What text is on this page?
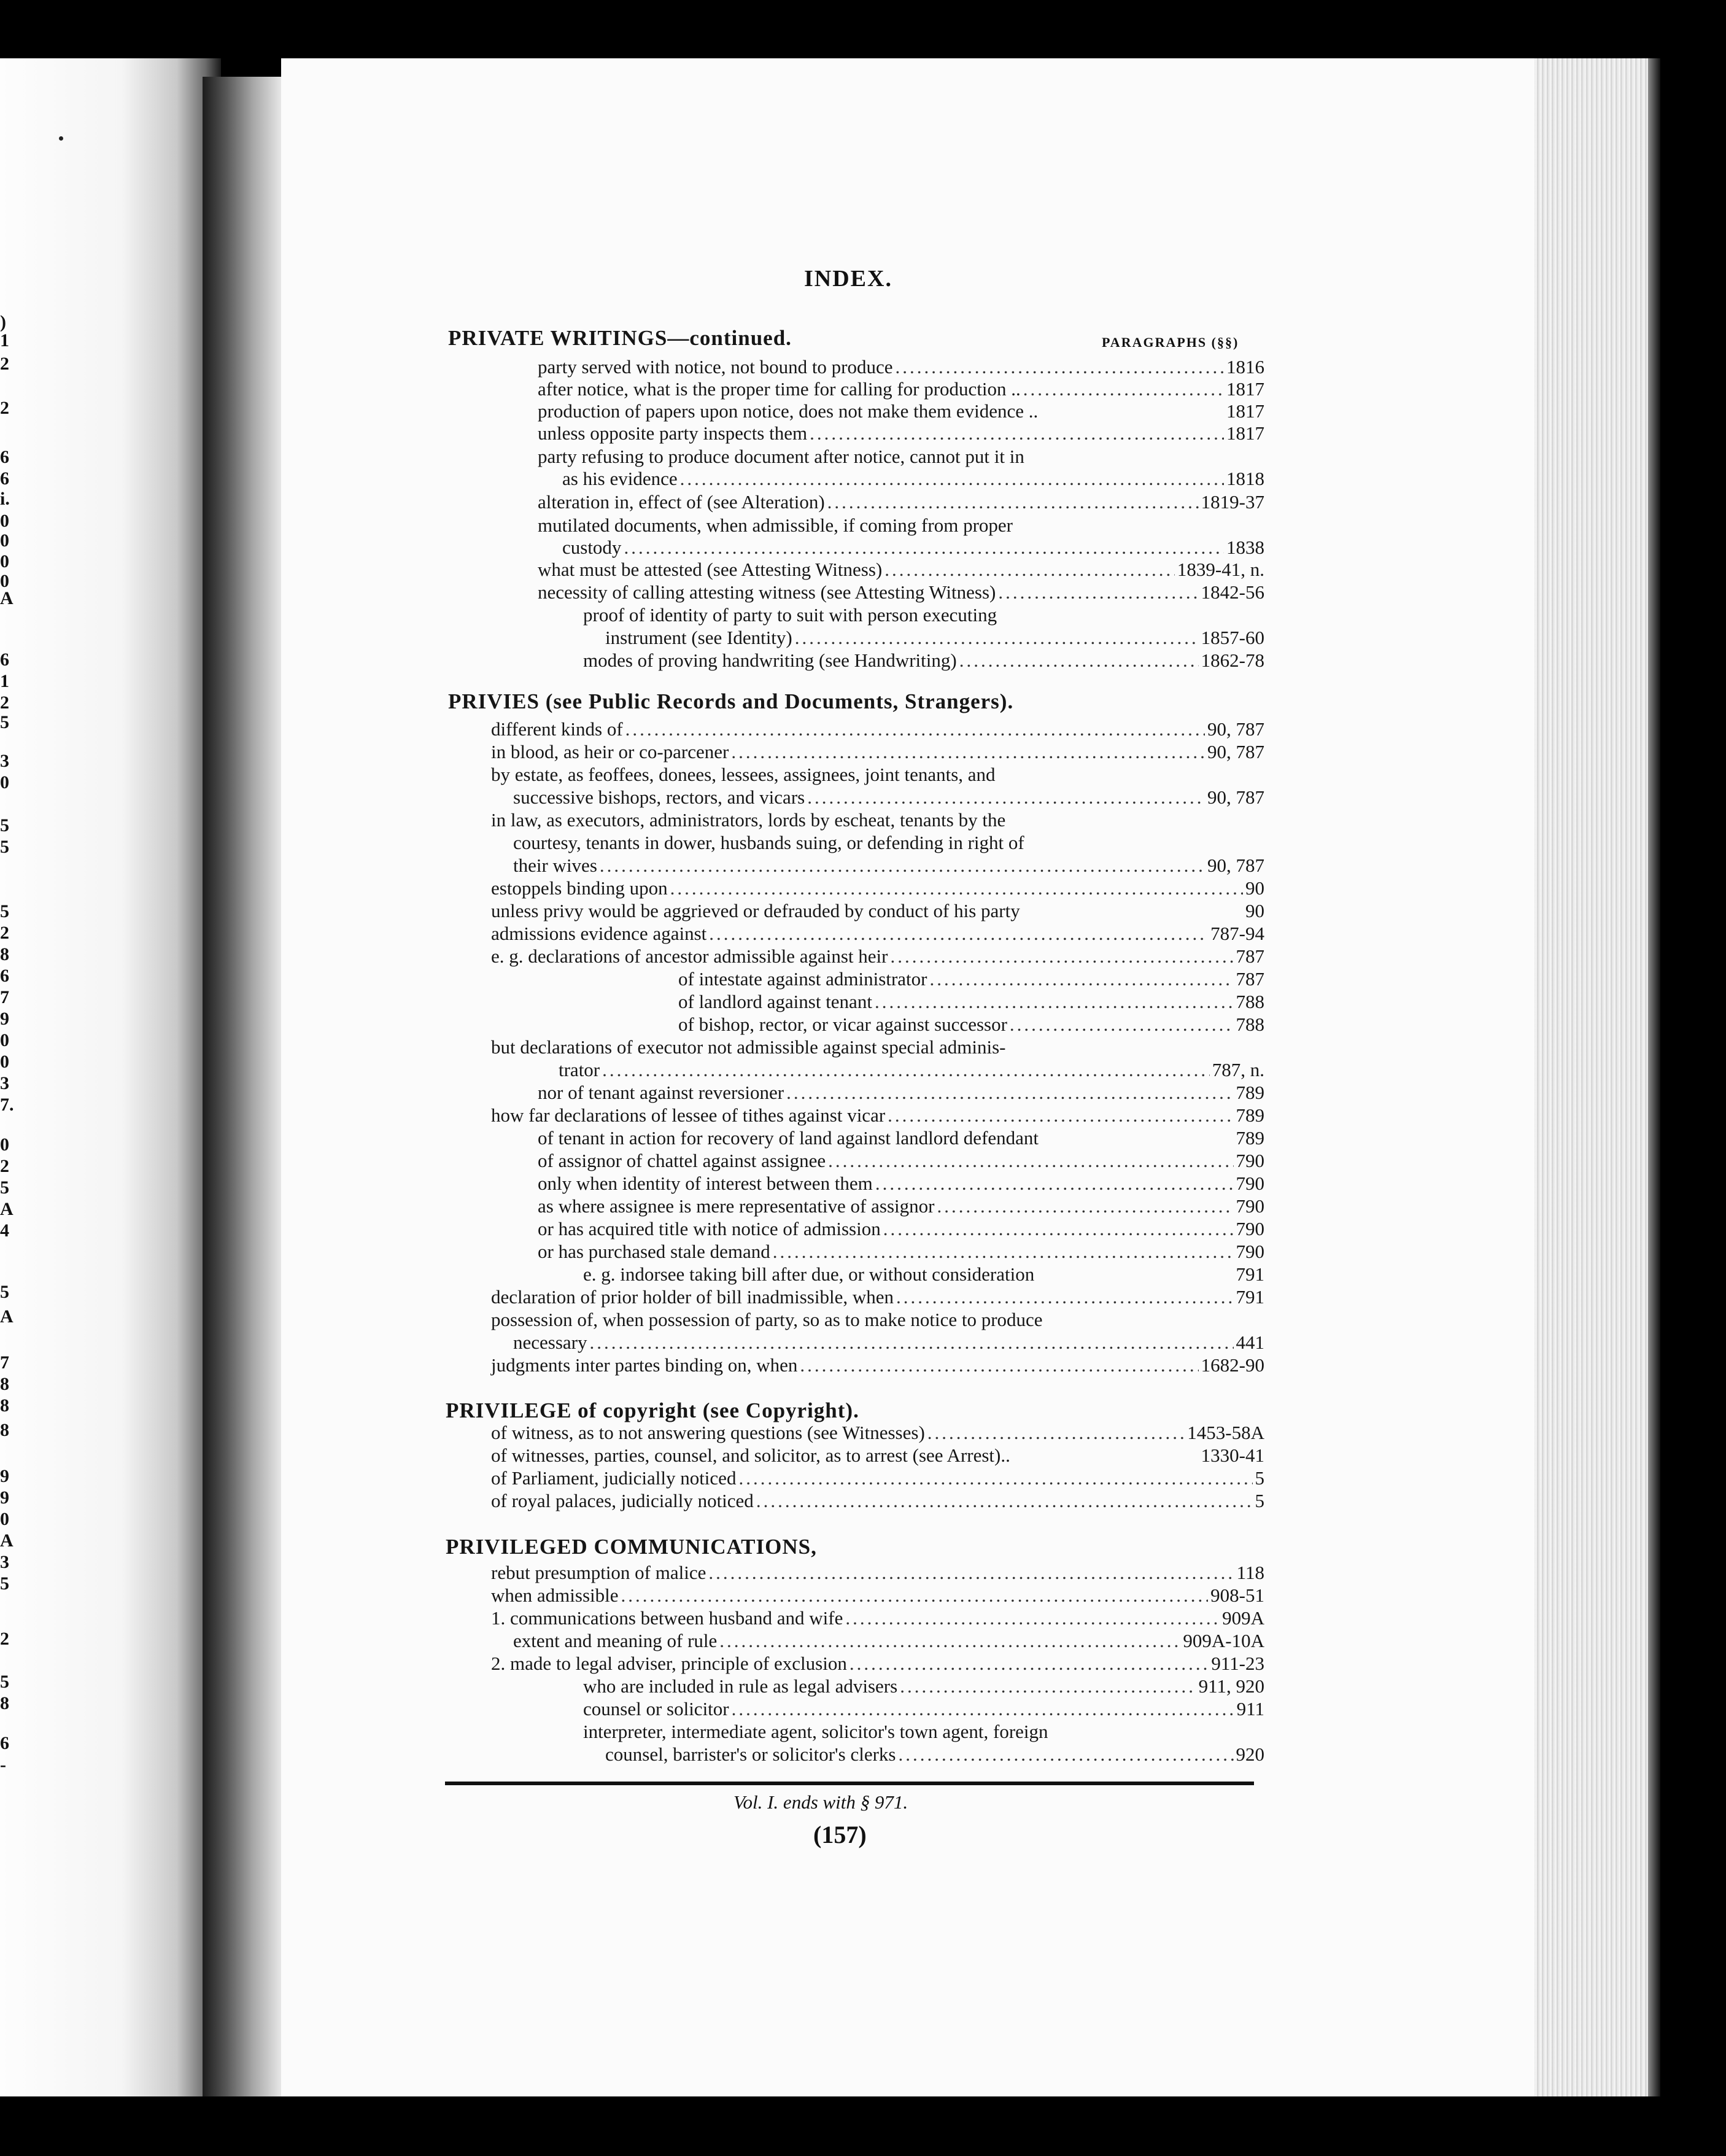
)
1
2
2
6
6
i.
0
0
0
0
A
6
1
2
5
3
0
5
5
5
2
8
6
7
9
0
0
3
7.
0
2
5
A
4
5
A
7
8
8
8
9
9
0
A
3
5
2
5
8
6
-
INDEX.
PARAGRAPHS (§§)
PRIVATE WRITINGS—continued.
party served with notice, not bound to produce .....	1816
after notice, what is the proper time for calling for production .. .....	1817
production of papers upon notice, does not make them evidence ..	1817
unless opposite party inspects them .....	1817
party refusing to produce document after notice, cannot put it in
as his evidence .....	1818
alteration in, effect of (see Alteration) .....	1819-37
mutilated documents, when admissible, if coming from proper
custody .....	1838
what must be attested (see Attesting Witness) .....	1839-41, n.
necessity of calling attesting witness (see Attesting Witness) .....	1842-56
proof of identity of party to suit with person executing
instrument (see Identity) .....	1857-60
modes of proving handwriting (see Handwriting) .....	1862-78
PRIVIES (see Public Records and Documents, Strangers).
different kinds of .....	90, 787
in blood, as heir or co-parcener .....	90, 787
by estate, as feoffees, donees, lessees, assignees, joint tenants, and
successive bishops, rectors, and vicars .....	90, 787
in law, as executors, administrators, lords by escheat, tenants by the
courtesy, tenants in dower, husbands suing, or defending in right of
their wives .....	90, 787
estoppels binding upon .....	90
unless privy would be aggrieved or defrauded by conduct of his party	90
admissions evidence against .....	787-94
e. g. declarations of ancestor admissible against heir .....	787
of intestate against administrator .....	787
of landlord against tenant .....	788
of bishop, rector, or vicar against successor .....	788
but declarations of executor not admissible against special adminis-
trator .....	787, n.
nor of tenant against reversioner .....	789
how far declarations of lessee of tithes against vicar .....	789
of tenant in action for recovery of land against landlord defendant	789
of assignor of chattel against assignee .....	790
only when identity of interest between them .....	790
as where assignee is mere representative of assignor .....	790
or has acquired title with notice of admission .....	790
or has purchased stale demand .....	790
e. g. indorsee taking bill after due, or without consideration	791
declaration of prior holder of bill inadmissible, when .....	791
possession of, when possession of party, so as to make notice to produce
necessary .....	441
judgments inter partes binding on, when .....	1682-90
PRIVILEGE of copyright (see Copyright).
of witness, as to not answering questions (see Witnesses) .....	1453-58A
of witnesses, parties, counsel, and solicitor, as to arrest (see Arrest)..	1330-41
of Parliament, judicially noticed .....	5
of royal palaces, judicially noticed .....	5
PRIVILEGED COMMUNICATIONS,
rebut presumption of malice .....	118
when admissible .....	908-51
1. communications between husband and wife .....	909A
extent and meaning of rule .....	909A-10A
2. made to legal adviser, principle of exclusion .....	911-23
who are included in rule as legal advisers .....	911, 920
counsel or solicitor .....	911
interpreter, intermediate agent, solicitor's town agent, foreign
counsel, barrister's or solicitor's clerks .....	920
Vol. I. ends with § 971.
(157)
